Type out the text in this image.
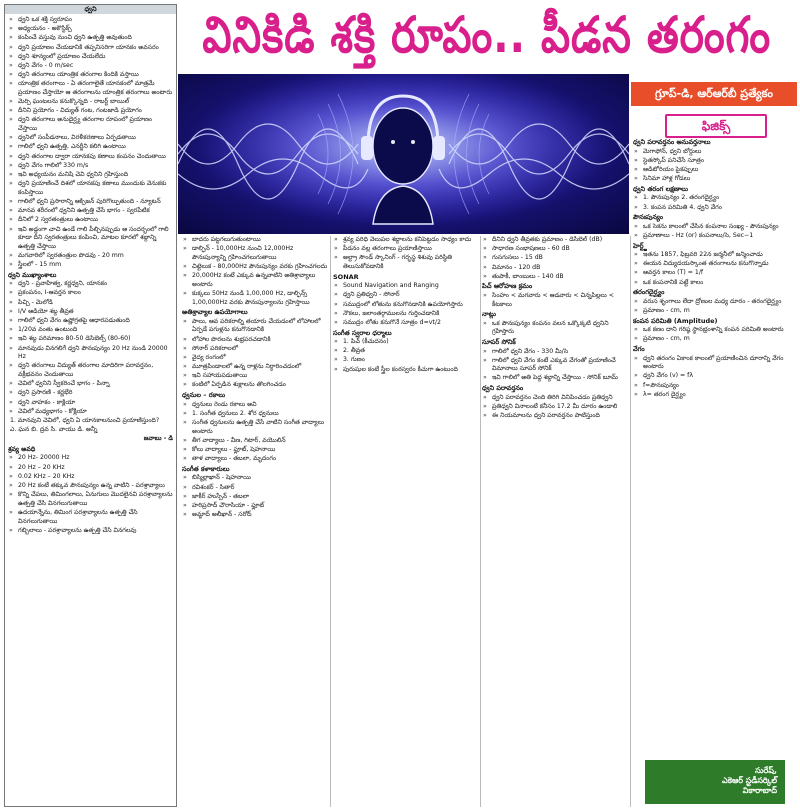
ధ్వని
» ధ్వని ఒక శక్తి స్వరూపం
» అధ్యయనం - అకౌస్టిక్స్
» కంపించే వస్తువు నుంచి ధ్వని ఉత్పత్తి అవుతుంది
» ధ్వని ప్రయాణం చేయడానికి తప్పనిసరిగా యానకం అవసరం
» ధ్వని శూన్యంలో ప్రయాణం చేయలేదు
» ధ్వని వేగం - 0 m/sec
» ధ్వని తరంగాలు యాంత్రిక తరంగాల కిందికి వస్తాయి
» యాంత్రిక తరంగాలు - ఏ తరంగాలైతే యానకంలో మాత్రమే ప్రయాణం చేస్తాయో ఆ తరంగాలను యాంత్రిక తరంగాలు అంటారు
» మెర్సి ఘంటలను కనుక్కొన్నది - రాబర్ట్ బాయిల్
» దీనిని ప్రయోగం - విద్యుత్ గంట, గంటజాడి ప్రయోగం
» ధ్వని తరంగాలు అనుదైర్ఘ్య తరంగాల రూపంలో ప్రయాణం చేస్తాయి
» ధ్వనిలో సంపీడనాలు, విరళీకరణాలు ఏర్పడతాయి
» గాలిలో ధ్వని ఉత్పత్తి, ఎనర్జీని కలిగి ఉంటాయి
» ధ్వని తరంగాల ద్వారా యానకపు కణాలు కంపనం చెందుతాయి
» ధ్వని వేగం గాలిలో 330 m/s
» ఇవి అధ్యయనం మనిషి చెవి ధ్వనిని గ్రహిస్తుంది
» ధ్వని ప్రయాణించే దిశలో యానకపు కణాలు ముందుకు వెనుకకు కంపిస్తాయి
» గాలిలో ధ్వని ప్రసారాన్ని ఆక్సిజన్ పురిగొల్పుతుంది - న్యూటన్
» మానవ శరీరంలో ధ్వనిని ఉత్పత్తి చేసే భాగం - స్వరపేటిక
» దీనిలో 2 స్వరతంత్రులు ఉంటాయి
» ఇవి అడ్డంగా చాచి ఉండే గాలి పీల్చినప్పుడు ఆ సందర్భంలో గాలి కూడా దీని స్వరతంత్రులు కంపించి, మాటల కూరలో శబ్దాన్ని ఉత్పత్తి చేస్తాయి
» మగవారిలో స్వరతంత్రుల పొడవు - 20 mm
» స్త్రీలలో - 15 mm
ధ్వని ముఖ్యాంశాలు
» ధ్వని - ప్రవాహిత్వ, కర్ణధ్వని, యానకం
» ప్రకంపనం, I-ఆవర్తన కాలం
» పిచ్చి - మెలోడి
» I/V ఆడియో శబ్ద తీవ్రత
» గాలిలో ధ్వని వేగం ఉష్ణోగ్రతపై ఆధారపడుతుంది
» 1/20వ వంతు ఉంటుంది
» ఇవి శబ్ద పరిమాణం 80-50 డెసిబెల్స్ (80-60)
» మానవుడు వినగలిగే ధ్వని పౌనఃపున్యం 20 Hz నుండి 20000 Hz
» ధ్వని తరంగాలు విద్యుత్ తరంగాల మాదిరిగా పరావర్తనం, వక్రీభవనం చెందుతాయి
» చెవిలో ధ్వనిని స్వీకరించే భాగం - పిన్నా
» ధ్వని ప్రసారణి - కర్ణభేరి
» ధ్వని వాహకం - కాక్లియా
» చెవిలో మధ్యభాగం - కోక్లియా
1. మానవుని చెవిలో, ధ్వని ఏ యానకాలనుంచి ప్రయాణిస్తుంది?
ఎ. ఘన బి. ద్రవ సి. వాయు డి. అన్నీ
జవాబు - డి
శ్రవ్య అవధి
» 20 Hz- 20000 Hz
» 20 Hz – 20 KHz
» 0.02 KHz – 20 KHz
» 20 Hz కంటే తక్కువ పౌనఃపున్యం ఉన్న వాటిని - పరశ్రావ్యాలు
» కొన్ని చేపలు, తిమింగలాలు, ఏనుగులు మొదలైనవి పరశ్రావ్యాలను ఉత్పత్తి చేసి వినగలుగుతాయి
» ఉదయాన్నేను, తిమింగ పరశ్రావ్యాలను ఉత్పత్తి చేసి వినగలుగుతాయి
» గబ్బిలాలు - పరశ్రావ్యాలను ఉత్పత్తి చేసి వినగలవు
వినికిడి శక్తి రూపం.. పీడన తరంగం
గ్రూప్-డి, ఆర్ఆర్‌బీ ప్రత్యేకం
ఫిజిక్స్
» బాదరు పట్టగలుగుతుంటాయి
» డాల్ఫిన్ - 10,000Hz నుంచి 12,000Hz పౌనఃపున్యాన్ని గ్రహించగలుగుతాయి
» చిట్టెలుక - 80,000Hz పౌనఃపున్యం వరకు గ్రహించగలదు
» 20,000Hz కంటే ఎక్కువ ఉన్నవాటిని అతిశ్రావ్యాలు అంటారు
» కుక్కలు 50Hz నుండి 1,00,000 Hz, డాల్ఫిన్స్ 1,00,000Hz వరకు పౌనఃపున్యాలను గ్రహిస్తాయి
అతిశ్రావ్యాల ఉపయోగాలు
» పాలు, ఆవ పరికరాల్ని తయారు చేయడంలో లోహాలలో ఏర్పడే పగుళ్లను కనుగొనడానికి
» లోహాల పొరలను శుభ్రపరచడానికి
» సోనార్ పరికరాలలో
» వైద్య రంగంలో
» మూత్రపిండాలలో ఉన్న రాళ్లను నిర్ధారించడంలో
» ఇవి సహాయపడుతాయి
» కంటిలో ఏర్పడిన శుక్లాలను తొలగించడం
ధ్వనుల – రకాలు
» ధ్వనులు రెండు రకాలు అవి
» 1. సంగీత ధ్వనులు 2. శోర ధ్వనులు
» సంగీత ధ్వనులను ఉత్పత్తి చేసే వాటిని సంగీత వాద్యాలు అంటారు
» తీగ వాద్యాలు - వీణ, గిటార్, వయొలిన్
» కోలు వాద్యాలు - ఫ్లూట్, షెహనాయి
» తాళ వాద్యాలు - తబలా, మృదంగం
సంగీత కళాకారులు
» బిస్మిల్లాఖాన్ - షెహనాయి
» రవిశంకర్ - సితార్
» జాకీర్ హుస్సేన్ - తబలా
» హరిప్రసాద్ చౌరాసియా - ఫ్లూట్
» అమ్జాద్ అలీఖాన్ - సరోద్
» శ్రవ్య పరిధి వెలుపల శబ్దాలను కనిపెట్టడం సాధ్యం కాదు
» పీడనం వల్ల తరంగాలు ప్రయాణిస్తాయి
» అల్ట్రా సౌండ్ స్కానింగ్ - గర్భస్థ శిశువు పరిస్థితి తెలుసుకోవడానికి
SONAR
» Sound Navigation and Ranging
» ధ్వని ప్రతిధ్వని - సోనార్
» సముద్రంలో లోతును కనుగొనడానికి ఉపయోగిస్తారు
» నౌకలు, జలాంతర్గాములను గుర్తించడానికి
» సముద్రం లోతు కనుగొనే సూత్రం d=vt/2
సంగీత స్వరాల ధర్మాలు
» 1. పిచ్ (కీచుదనం)
» 2. తీవ్రత
» 3. గుణం
» పురుషుల కంటే స్త్రీల కంఠస్వరం కీచుగా ఉంటుంది
» దీనిని ధ్వని తీవ్రతకు ప్రమాణం - డెసిబెల్ (dB)
» సాధారణ సంభాషణలు - 60 dB
» గుసగుసలు - 15 dB
» విమానం - 120 dB
» తుపాకీ, బాంబులు - 140 dB
పిచ్ ఆరోహణ క్రమం
» సింహం < మగవారు < ఆడవారు < చిన్నపిల్లలు < కీటకాలు
నాట్లు
» ఒక పౌనఃపున్యం కంపనం వలన ఒక్కొక్కటి ధ్వనిని గ్రహిస్తారు
సూపర్ సోనిక్
» గాలిలో ధ్వని వేగం - 330 మీ/సె
» గాలిలో ధ్వని వేగం కంటే ఎక్కువ వేగంతో ప్రయాణించే విమానాలు సూపర్ సోనిక్
» ఇవి గాలిలో అతి పెద్ద శబ్దాన్ని చేస్తాయి - సోనిక్ బూమ్
ధ్వని పరావర్తనం
» ధ్వని పరావర్తనం చెంది తిరిగి వినిపించడం ప్రతిధ్వని
» ప్రతిధ్వని వినాలంటే కనీసం 17.2 మీ దూరం ఉండాలి
» ఈ నియమాలను ధ్వని పరావర్తనం పాటిస్తుంది
ధ్వని పరావర్తనం అనువర్తనాలు
» మెగాఫోన్, ధ్వని బోర్డులు
» స్టెతస్కోప్ పనిచేసే సూత్రం
» ఆడిటోరియం పైకప్పులు
» సినిమా హాళ్ల గోడలు
ధ్వని తరంగ లక్షణాలు
» 1. పౌనఃపున్యం 2. తరంగదైర్ఘ్యం
» 3. కంపన పరిమితి 4. ధ్వని వేగం
పౌనఃపున్యం
» ఒక సెకను కాలంలో చేసిన కంపనాల సంఖ్య - పౌనఃపున్యం
» ప్రమాణాలు - Hz (or) కంపనాలు/సె, Sec−1
హెర్ట్జ్
» ఇతను 1857, ఫిబ్రవరి 22న జర్మనీలో జన్మించాడు
» ఈయన విద్యుదయస్కాంత తరంగాలను కనుగొన్నాడు
» ఆవర్తన కాలం (T) = 1/f
» ఒక కంపనానికి పట్టే కాలం
తరంగదైర్ఘ్యం
» వరుస శృంగాలు లేదా ద్రోణుల మధ్య దూరం - తరంగదైర్ఘ్యం
» ప్రమాణం - cm, m
కంపన పరిమితి (Amplitude)
» ఒక కణం దాని గరిష్ఠ స్థానభ్రంశాన్ని కంపన పరిమితి అంటారు
» ప్రమాణం - cm, m
వేగం
» ధ్వని తరంగం ఏకాంక కాలంలో ప్రయాణించిన దూరాన్ని వేగం అంటారు
» ధ్వని వేగం (v) = fλ
» f=పౌనఃపున్యం
» λ= తరంగ దైర్ఘ్యం
సురేష్,
ఎకెఆర్ స్టడీసర్కిల్
వికారాబాద్
